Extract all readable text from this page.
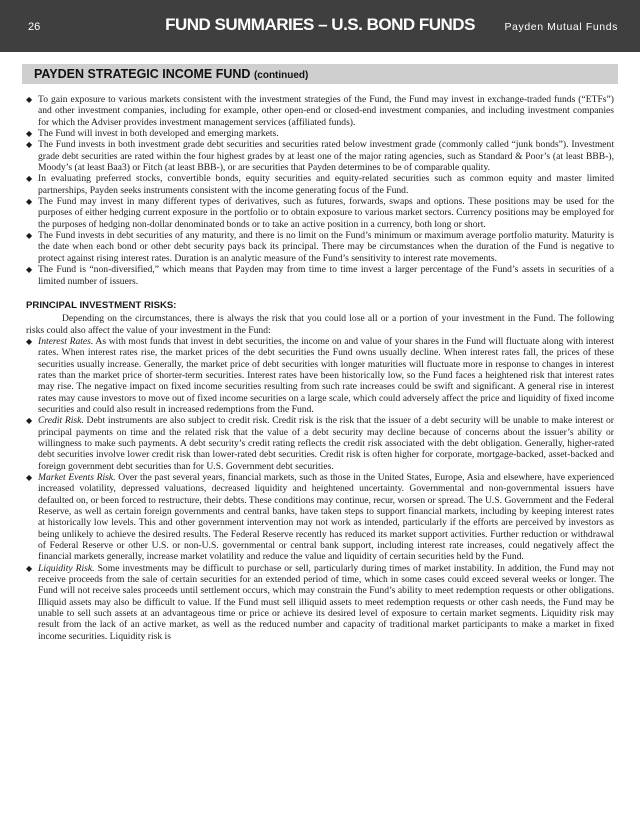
26	FUND SUMMARIES – U.S. BOND FUNDS	Payden Mutual Funds
PAYDEN STRATEGIC INCOME FUND (continued)
◆ To gain exposure to various markets consistent with the investment strategies of the Fund, the Fund may invest in exchange-traded funds (“ETFs”) and other investment companies, including for example, other open-end or closed-end investment companies, and including investment companies for which the Adviser provides investment management services (affiliated funds).
◆ The Fund will invest in both developed and emerging markets.
◆ The Fund invests in both investment grade debt securities and securities rated below investment grade (commonly called “junk bonds”). Investment grade debt securities are rated within the four highest grades by at least one of the major rating agencies, such as Standard & Poor’s (at least BBB-), Moody’s (at least Baa3) or Fitch (at least BBB-), or are securities that Payden determines to be of comparable quality.
◆ In evaluating preferred stocks, convertible bonds, equity securities and equity-related securities such as common equity and master limited partnerships, Payden seeks instruments consistent with the income generating focus of the Fund.
◆ The Fund may invest in many different types of derivatives, such as futures, forwards, swaps and options. These positions may be used for the purposes of either hedging current exposure in the portfolio or to obtain exposure to various market sectors. Currency positions may be employed for the purposes of hedging non-dollar denominated bonds or to take an active position in a currency, both long or short.
◆ The Fund invests in debt securities of any maturity, and there is no limit on the Fund’s minimum or maximum average portfolio maturity. Maturity is the date when each bond or other debt security pays back its principal. There may be circumstances when the duration of the Fund is negative to protect against rising interest rates. Duration is an analytic measure of the Fund’s sensitivity to interest rate movements.
◆ The Fund is “non-diversified,” which means that Payden may from time to time invest a larger percentage of the Fund’s assets in securities of a limited number of issuers.
PRINCIPAL INVESTMENT RISKS:

Depending on the circumstances, there is always the risk that you could lose all or a portion of your investment in the Fund. The following risks could also affect the value of your investment in the Fund:

◆ Interest Rates. As with most funds that invest in debt securities, the income on and value of your shares in the Fund will fluctuate along with interest rates. When interest rates rise, the market prices of the debt securities the Fund owns usually decline. When interest rates fall, the prices of these securities usually increase. Generally, the market price of debt securities with longer maturities will fluctuate more in response to changes in interest rates than the market price of shorter-term securities. Interest rates have been historically low, so the Fund faces a heightened risk that interest rates may rise. The negative impact on fixed income securities resulting from such rate increases could be swift and significant. A general rise in interest rates may cause investors to move out of fixed income securities on a large scale, which could adversely affect the price and liquidity of fixed income securities and could also result in increased redemptions from the Fund.
◆ Credit Risk. Debt instruments are also subject to credit risk. Credit risk is the risk that the issuer of a debt security will be unable to make interest or principal payments on time and the related risk that the value of a debt security may decline because of concerns about the issuer’s ability or willingness to make such payments. A debt security’s credit rating reflects the credit risk associated with the debt obligation. Generally, higher-rated debt securities involve lower credit risk than lower-rated debt securities. Credit risk is often higher for corporate, mortgage-backed, asset-backed and foreign government debt securities than for U.S. Government debt securities.
◆ Market Events Risk. Over the past several years, financial markets, such as those in the United States, Europe, Asia and elsewhere, have experienced increased volatility, depressed valuations, decreased liquidity and heightened uncertainty. Governmental and non-governmental issuers have defaulted on, or been forced to restructure, their debts. These conditions may continue, recur, worsen or spread. The U.S. Government and the Federal Reserve, as well as certain foreign governments and central banks, have taken steps to support financial markets, including by keeping interest rates at historically low levels. This and other government intervention may not work as intended, particularly if the efforts are perceived by investors as being unlikely to achieve the desired results. The Federal Reserve recently has reduced its market support activities. Further reduction or withdrawal of Federal Reserve or other U.S. or non-U.S. governmental or central bank support, including interest rate increases, could negatively affect the financial markets generally, increase market volatility and reduce the value and liquidity of certain securities held by the Fund.
◆ Liquidity Risk. Some investments may be difficult to purchase or sell, particularly during times of market instability. In addition, the Fund may not receive proceeds from the sale of certain securities for an extended period of time, which in some cases could exceed several weeks or longer. The Fund will not receive sales proceeds until settlement occurs, which may constrain the Fund’s ability to meet redemption requests or other obligations. Illiquid assets may also be difficult to value. If the Fund must sell illiquid assets to meet redemption requests or other cash needs, the Fund may be unable to sell such assets at an advantageous time or price or achieve its desired level of exposure to certain market segments. Liquidity risk may result from the lack of an active market, as well as the reduced number and capacity of traditional market participants to make a market in fixed income securities. Liquidity risk is
